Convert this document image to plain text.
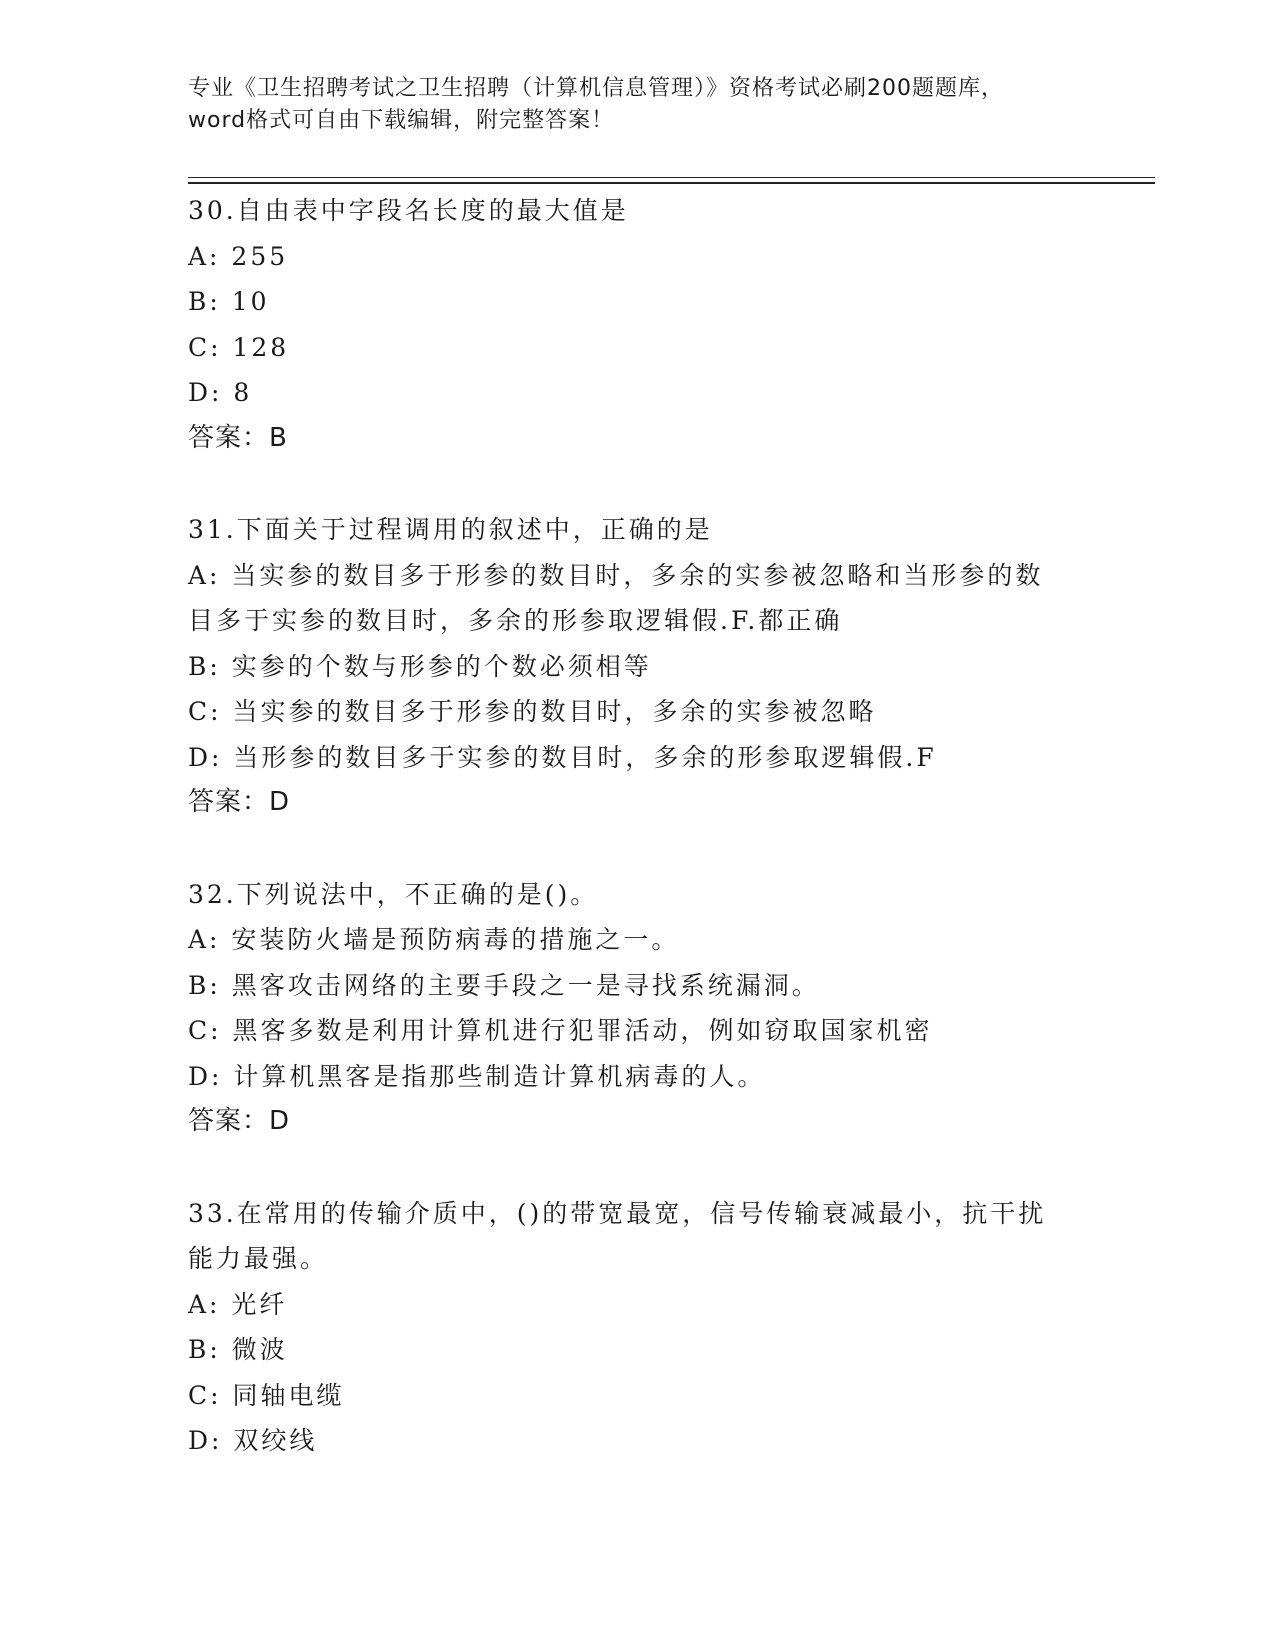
专业《卫生招聘考试之卫生招聘（计算机信息管理）》资格考试必刷200题题库，
word格式可自由下载编辑，附完整答案！
30.自由表中字段名长度的最大值是
A: 255
B: 10
C: 128
D: 8
答案：B
31.下面关于过程调用的叙述中，正确的是
A: 当实参的数目多于形参的数目时，多余的实参被忽略和当形参的数
目多于实参的数目时，多余的形参取逻辑假.F.都正确
B: 实参的个数与形参的个数必须相等
C: 当实参的数目多于形参的数目时，多余的实参被忽略
D: 当形参的数目多于实参的数目时，多余的形参取逻辑假.F
答案：D
32.下列说法中，不正确的是()。
A: 安装防火墙是预防病毒的措施之一。
B: 黑客攻击网络的主要手段之一是寻找系统漏洞。
C: 黑客多数是利用计算机进行犯罪活动，例如窃取国家机密
D: 计算机黑客是指那些制造计算机病毒的人。
答案：D
33.在常用的传输介质中，()的带宽最宽，信号传输衰减最小，抗干扰
能力最强。
A: 光纤
B: 微波
C: 同轴电缆
D: 双绞线
